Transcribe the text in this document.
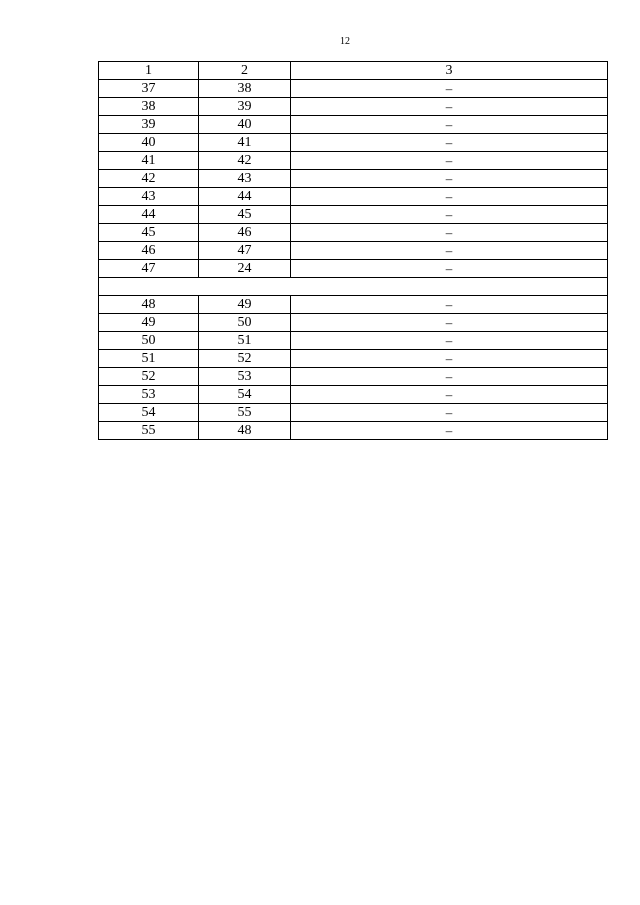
12
1	2	3
37	38	–
38	39	–
39	40	–
40	41	–
41	42	–
42	43	–
43	44	–
44	45	–
45	46	–
46	47	–
47	24	–

48	49	–
49	50	–
50	51	–
51	52	–
52	53	–
53	54	–
54	55	–
55	48	–
